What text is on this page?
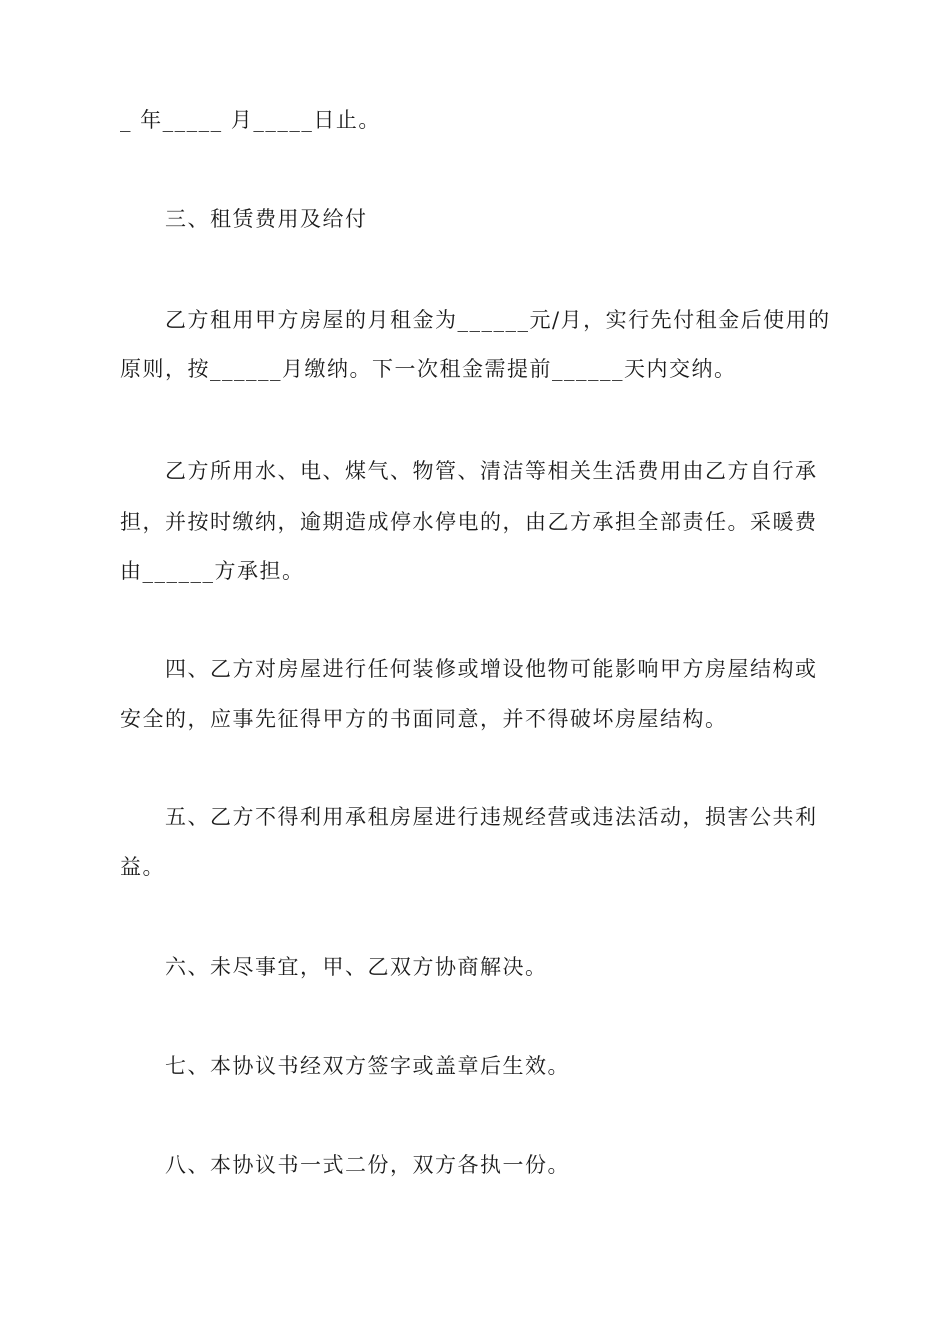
_ 年_____ 月_____日止。
三、租赁费用及给付
乙方租用甲方房屋的月租金为______元/月，实行先付租金后使用的
原则，按______月缴纳。下一次租金需提前______天内交纳。
乙方所用水、电、煤气、物管、清洁等相关生活费用由乙方自行承
担，并按时缴纳，逾期造成停水停电的，由乙方承担全部责任。采暖费
由______方承担。
四、乙方对房屋进行任何装修或增设他物可能影响甲方房屋结构或
安全的，应事先征得甲方的书面同意，并不得破坏房屋结构。
五、乙方不得利用承租房屋进行违规经营或违法活动，损害公共利
益。
六、未尽事宜，甲、乙双方协商解决。
七、本协议书经双方签字或盖章后生效。
八、本协议书一式二份，双方各执一份。
